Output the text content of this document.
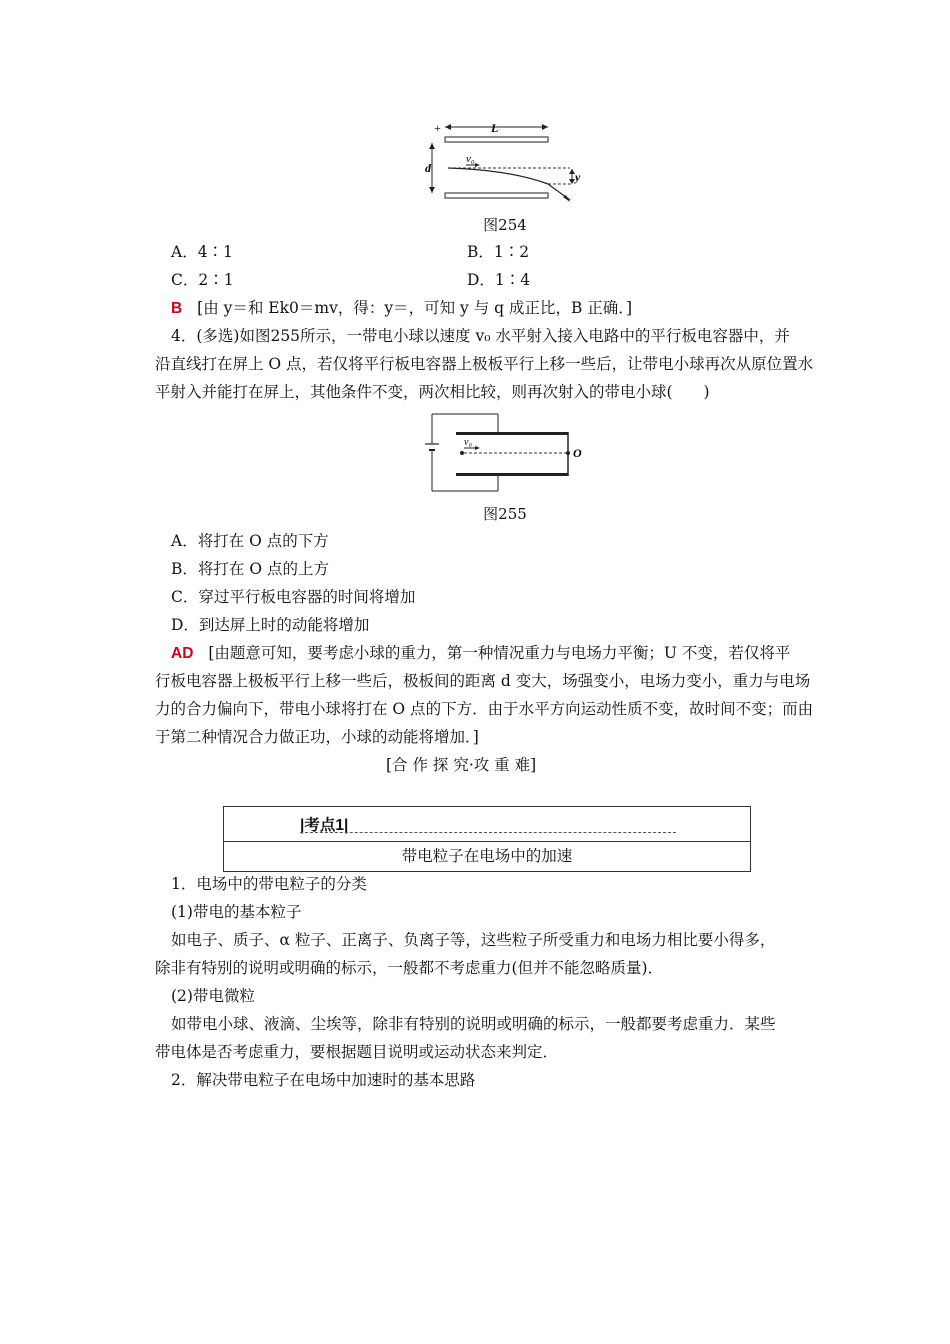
+	L
d
v₀
y
图254
A．4∶1	B．1∶2
C．2∶1	D．1∶4
B [由 y＝和 Ek0＝mv，得：y＝，可知 y 与 q 成正比，B 正确．]
4．(多选)如图255所示，一带电小球以速度 v₀ 水平射入接入电路中的平行板电容器中，并
沿直线打在屏上 O 点，若仅将平行板电容器上极板平行上移一些后，让带电小球再次从原位置水
平射入并能打在屏上，其他条件不变，两次相比较，则再次射入的带电小球(　　)
v₀
O
图255
A．将打在 O 点的下方
B．将打在 O 点的上方
C．穿过平行板电容器的时间将增加
D．到达屏上时的动能将增加
AD [由题意可知，要考虑小球的重力，第一种情况重力与电场力平衡；U 不变，若仅将平
行板电容器上极板平行上移一些后，极板间的距离 d 变大，场强变小，电场力变小，重力与电场
力的合力偏向下，带电小球将打在 O 点的下方．由于水平方向运动性质不变，故时间不变；而由
于第二种情况合力做正功，小球的动能将增加．]
[合 作 探 究·攻 重 难]
|考点1|
带电粒子在电场中的加速
1．电场中的带电粒子的分类
(1)带电的基本粒子
如电子、质子、α 粒子、正离子、负离子等，这些粒子所受重力和电场力相比要小得多，
除非有特别的说明或明确的标示，一般都不考虑重力(但并不能忽略质量)．
(2)带电微粒
如带电小球、液滴、尘埃等，除非有特别的说明或明确的标示，一般都要考虑重力．某些
带电体是否考虑重力，要根据题目说明或运动状态来判定．
2．解决带电粒子在电场中加速时的基本思路
